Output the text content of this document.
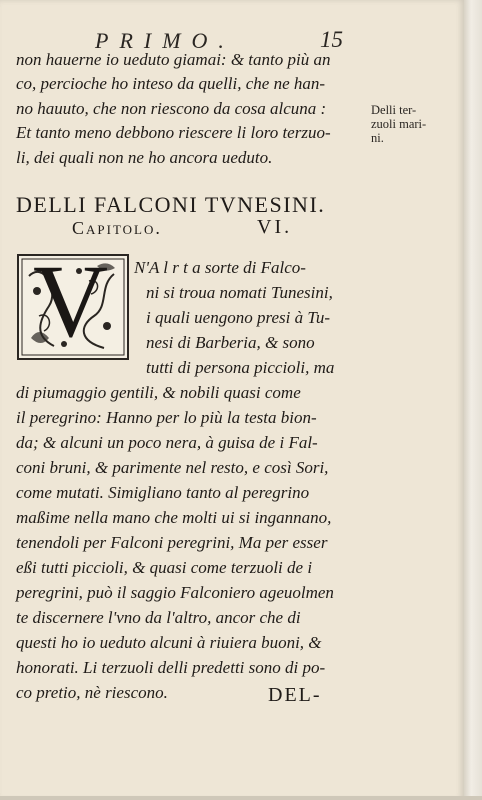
PRIMO.	15
non hauerne io ueduto giamai: & tanto più an
co, percioche ho inteso da quelli, che ne han-
no hauuto, che non riescono da cosa alcuna :
Et tanto meno debbono riescere li loro terzuo-
li, dei quali non ne ho ancora ueduto.
Delli ter-
zuoli mari-
ni.
DELLI FALCONI TVNESINI.
Capitolo.	VI.
V N'A l r t a sorte di Falco-
ni si troua nomati Tunesini,
i quali uengono presi à Tu-
nesi di Barberia, & sono
tutti di persona piccioli, ma
di piumaggio gentili, & nobili quasi come
il peregrino: Hanno per lo più la testa bion-
da; & alcuni un poco nera, à guisa de i Fal-
coni bruni, & parimente nel resto, e così Sori,
come mutati. Simigliano tanto al peregrino
maßime nella mano che molti ui si ingannano,
tenendoli per Falconi peregrini, Ma per esser
eßi tutti piccioli, & quasi come terzuoli de i
peregrini, può il saggio Falconiero ageuolmen
te discernere l'vno da l'altro, ancor che di
questi ho io ueduto alcuni à riuiera buoni, &
honorati. Li terzuoli delli predetti sono di po-
co pretio, nè riescono.	DEL-
